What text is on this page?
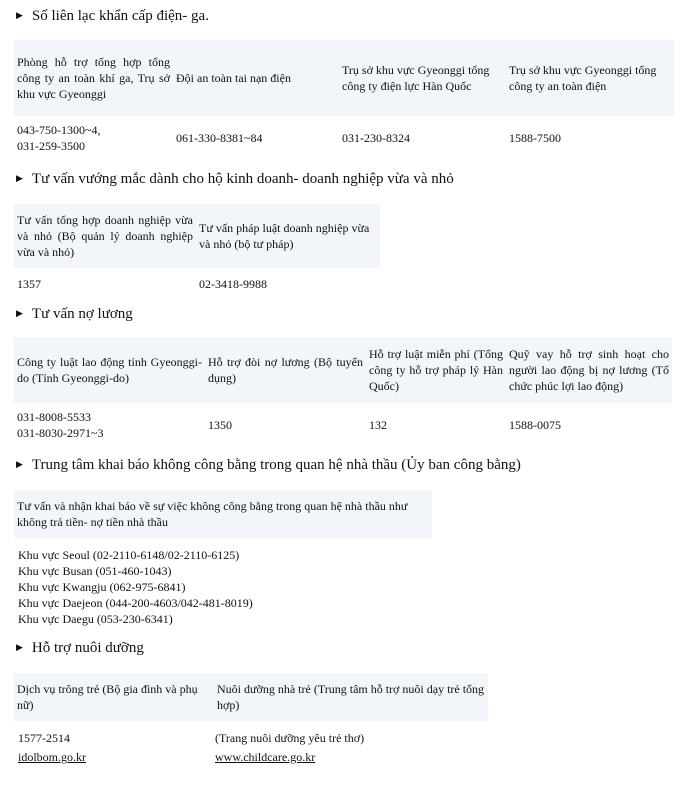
▶ Số liên lạc khẩn cấp điện- ga.
Phòng hỗ trợ tổng hợp tổng công ty an toàn khí ga, Trụ sở khu vực Gyeonggi	Đội an toàn tai nạn điện	Trụ sở khu vực Gyeonggi tổng công ty điện lực Hàn Quốc	Trụ sở khu vực Gyeonggi tổng công ty an toàn điện
043-750-1300~4,
031-259-3500	061-330-8381~84	031-230-8324	1588-7500
▶ Tư vấn vướng mắc dành cho hộ kinh doanh- doanh nghiệp vừa và nhỏ
Tư vấn tổng hợp doanh nghiệp vừa và nhỏ (Bộ quản lý doanh nghiệp vừa và nhỏ)	Tư vấn pháp luật doanh nghiệp vừa và nhỏ (bộ tư pháp)
1357	02-3418-9988
▶ Tư vấn nợ lương
Công ty luật lao động tỉnh Gyeonggi-do (Tỉnh Gyeonggi-do)	Hỗ trợ đòi nợ lương (Bộ tuyển dụng)	Hỗ trợ luật miễn phí (Tổng công ty hỗ trợ pháp lý Hàn Quốc)	Quỹ vay hỗ trợ sinh hoạt cho người lao động bị nợ lương (Tổ chức phúc lợi lao động)
031-8008-5533
031-8030-2971~3	1350	132	1588-0075
▶ Trung tâm khai báo không công bằng trong quan hệ nhà thầu (Ủy ban công bằng)
Tư vấn và nhận khai báo về sự việc không công bằng trong quan hệ nhà thầu như không trả tiền- nợ tiền nhà thầu
Khu vực Seoul (02-2110-6148/02-2110-6125)
Khu vực Busan (051-460-1043)
Khu vực Kwangju (062-975-6841)
Khu vực Daejeon (044-200-4603/042-481-8019)
Khu vực Daegu (053-230-6341)
▶ Hỗ trợ nuôi dưỡng
Dịch vụ trông trẻ (Bộ gia đình và phụ nữ)	Nuôi dưỡng nhà trẻ (Trung tâm hỗ trợ nuôi dạy trẻ tổng hợp)
1577-2514	(Trang nuôi dưỡng yêu trẻ thơ)
idolbom.go.kr	www.childcare.go.kr
